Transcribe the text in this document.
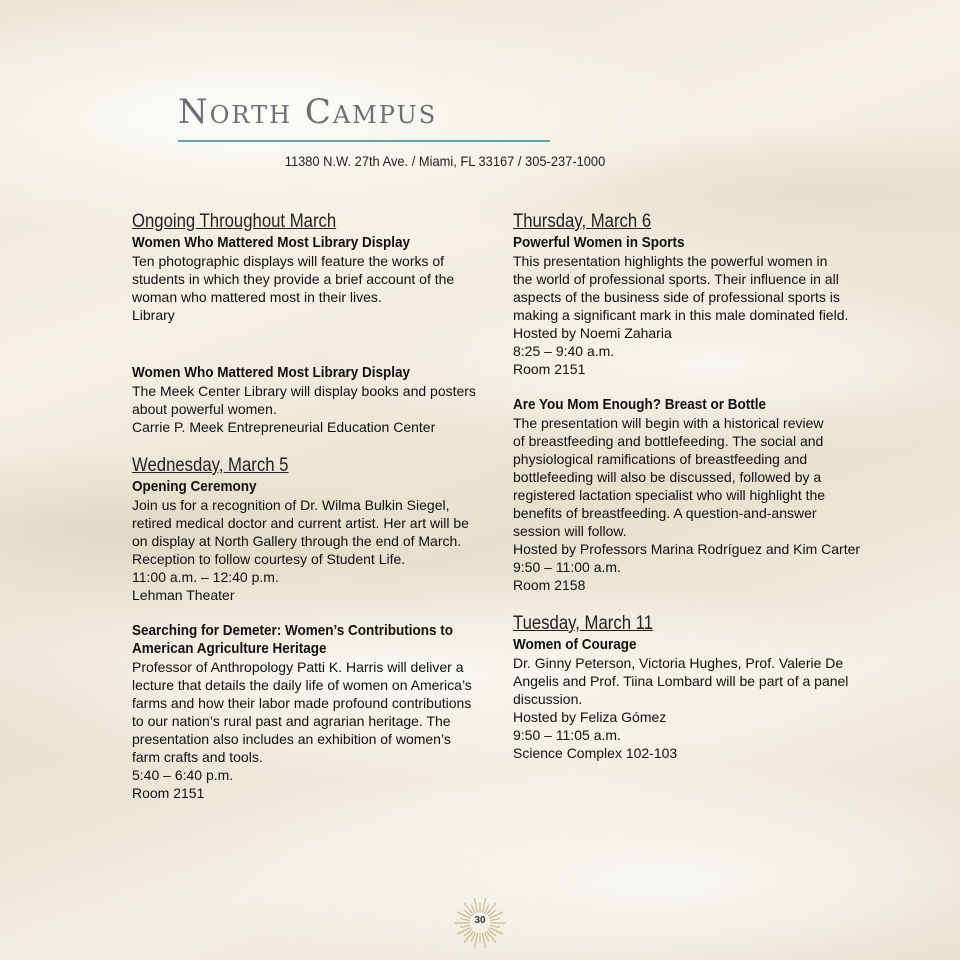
North Campus
11380 N.W. 27th Ave. / Miami, FL 33167 / 305-237-1000

Ongoing Throughout March

Women Who Mattered Most Library Display

Ten photographic displays will feature the works of

students in which they provide a brief account of the

woman who mattered most in their lives.

Library

Women Who Mattered Most Library Display

The Meek Center Library will display books and posters

about powerful women.

Carrie P. Meek Entrepreneurial Education Center

Wednesday, March 5

Opening Ceremony

Join us for a recognition of Dr. Wilma Bulkin Siegel,

retired medical doctor and current artist. Her art will be

on display at North Gallery through the end of March.

Reception to follow courtesy of Student Life.

11:00 a.m. – 12:40 p.m.

Lehman Theater

Searching for Demeter: Women’s Contributions to

American Agriculture Heritage

Professor of Anthropology Patti K. Harris will deliver a

lecture that details the daily life of women on America’s

farms and how their labor made profound contributions

to our nation’s rural past and agrarian heritage. The

presentation also includes an exhibition of women’s

farm crafts and tools.

5:40 – 6:40 p.m.

Room 2151

Thursday, March 6

Powerful Women in Sports

This presentation highlights the powerful women in

the world of professional sports. Their influence in all

aspects of the business side of professional sports is

making a significant mark in this male dominated field.

Hosted by Noemi Zaharia

8:25 – 9:40 a.m.

Room 2151

Are You Mom Enough? Breast or Bottle

The presentation will begin with a historical review

of breastfeeding and bottlefeeding. The social and

physiological ramifications of breastfeeding and

bottlefeeding will also be discussed, followed by a

registered lactation specialist who will highlight the

benefits of breastfeeding. A question-and-answer

session will follow.

Hosted by Professors Marina Rodríguez and Kim Carter

9:50 – 11:00 a.m.

Room 2158

Tuesday, March 11

Women of Courage

Dr. Ginny Peterson, Victoria Hughes, Prof. Valerie De

Angelis and Prof. Tiina Lombard will be part of a panel

discussion.

Hosted by Feliza Gómez

9:50 – 11:05 a.m.

Science Complex 102-103

30
